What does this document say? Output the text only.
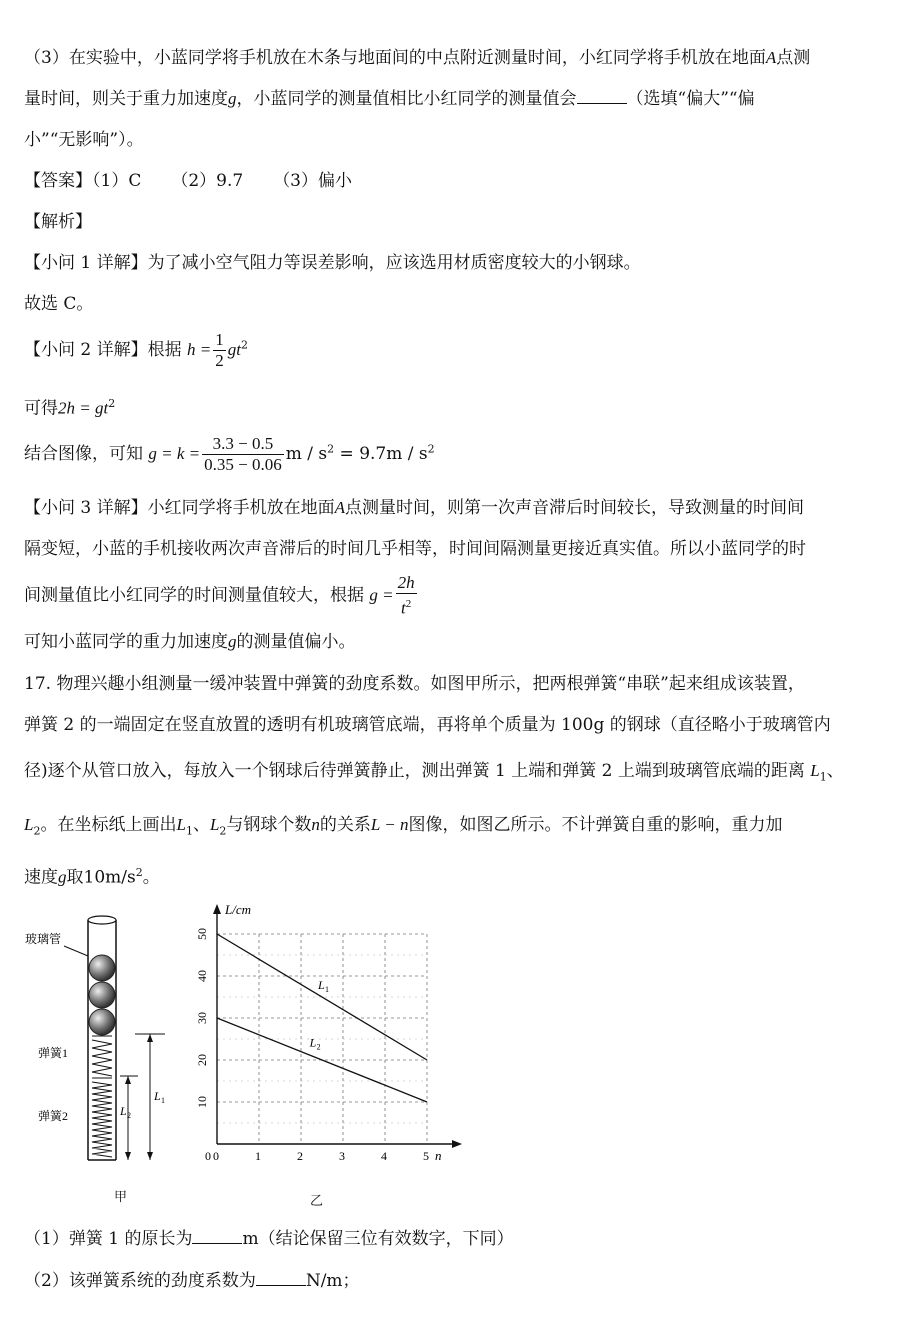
（3）在实验中，小蓝同学将手机放在木条与地面间的中点附近测量时间，小红同学将手机放在地面A点测
量时间，则关于重力加速度g，小蓝同学的测量值相比小红同学的测量值会	（选填“偏大”“偏
小”“无影响”）。
【答案】（1）C （2）9.7 （3）偏小
【解析】
【小问 1 详解】为了减小空气阻力等误差影响，应该选用材质密度较大的小钢球。
故选 C。
【小问 2 详解】根据 $h = \frac{1}{2} gt^2$
可得$2h = gt^2$
结合图像，可知 $g = k = \frac{3.3 - 0.5}{0.35 - 0.06}$ $m / s^2 = 9.7m / s^2$
【小问 3 详解】小红同学将手机放在地面A点测量时间，则第一次声音滞后时间较长，导致测量的时间间
隔变短，小蓝的手机接收两次声音滞后的时间几乎相等，时间间隔测量更接近真实值。所以小蓝同学的时
间测量值比小红同学的时间测量值较大，根据 $g = \frac{2h}{t^2}$
可知小蓝同学的重力加速度g的测量值偏小。
17. 物理兴趣小组测量一缓冲装置中弹簧的劲度系数。如图甲所示，把两根弹簧“串联”起来组成该装置，
弹簧 2 的一端固定在竖直放置的透明有机玻璃管底端，再将单个质量为 100g 的钢球（直径略小于玻璃管内
径)逐个从管口放入，每放入一个钢球后待弹簧静止，测出弹簧 1 上端和弹簧 2 上端到玻璃管底端的距离 $L_1$、
$L_2$。在坐标纸上画出$L_1$、$L_2$与钢球个数n的关系L − n图像，如图乙所示。不计弹簧自重的影响，重力加
速度g取$10m/s^2$。
玻璃管
弹簧1
弹簧2
L 1
L 2
甲
0	1	2	3	4	5
10
20
30
40
50
0
L/cm
n
L 1
L 2
乙
（1）弹簧 1 的原长为	m（结论保留三位有效数字，下同）
（2）该弹簧系统的劲度系数为	N/m；
